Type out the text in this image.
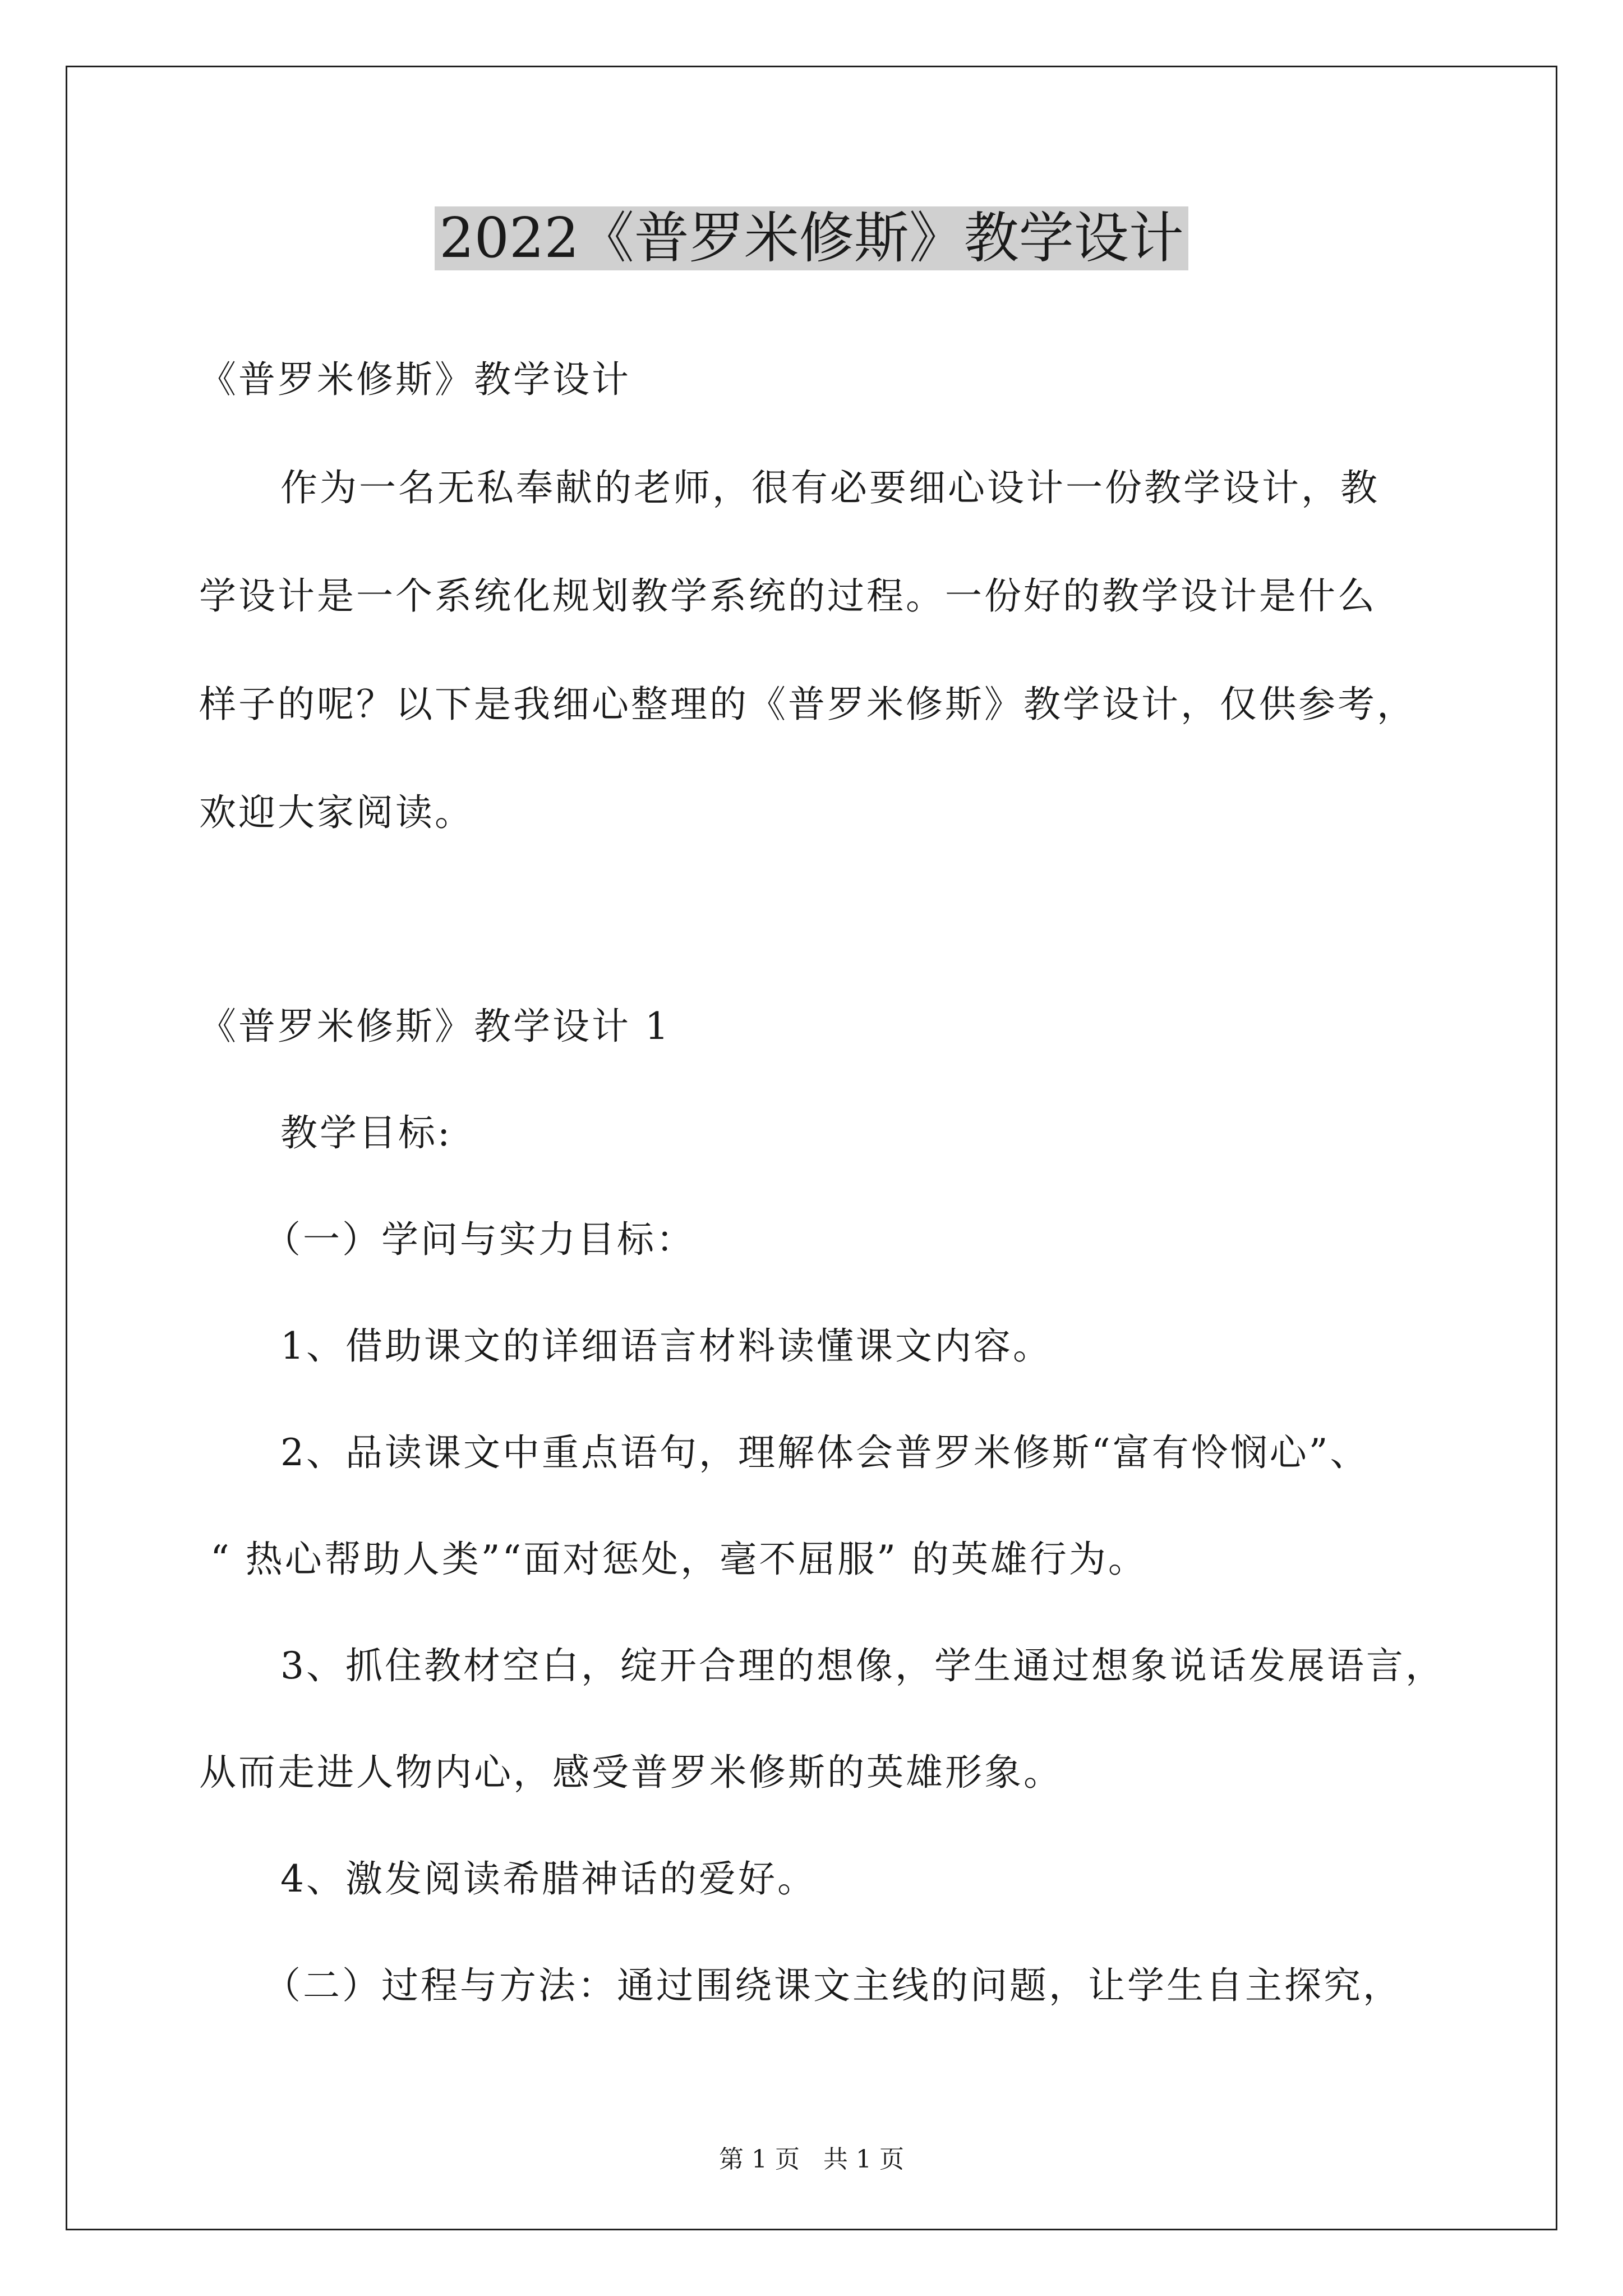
2022《普罗米修斯》教学设计
《普罗米修斯》教学设计
作为一名无私奉献的老师，很有必要细心设计一份教学设计，教
学设计是一个系统化规划教学系统的过程。一份好的教学设计是什么
样子的呢？以下是我细心整理的《普罗米修斯》教学设计，仅供参考，
欢迎大家阅读。
《普罗米修斯》教学设计 1
教学目标:
（一）学问与实力目标：
1、借助课文的详细语言材料读懂课文内容。
2、品读课文中重点语句，理解体会普罗米修斯“富有怜悯心”、
“ 热心帮助人类”“面对惩处，毫不屈服” 的英雄行为。
3、抓住教材空白，绽开合理的想像，学生通过想象说话发展语言，
从而走进人物内心，感受普罗米修斯的英雄形象。
4、激发阅读希腊神话的爱好。
（二）过程与方法：通过围绕课文主线的问题，让学生自主探究，
第 1 页   共 1 页
